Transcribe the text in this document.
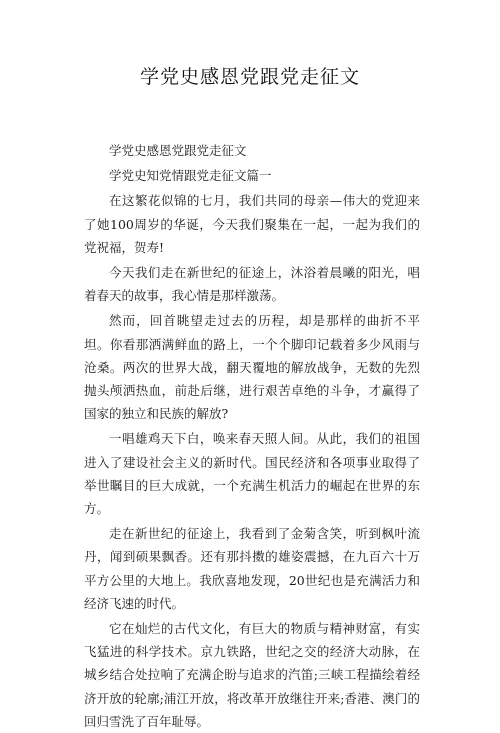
学党史感恩党跟党走征文

学党史感恩党跟党走征文

学党史知党情跟党走征文篇一

在这繁花似锦的七月，我们共同的母亲—伟大的党迎来了她100周岁的华诞，今天我们聚集在一起，一起为我们的党祝福，贺寿!

今天我们走在新世纪的征途上，沐浴着晨曦的阳光，唱着春天的故事，我心情是那样激荡。

然而，回首眺望走过去的历程，却是那样的曲折不平坦。你看那洒满鲜血的路上，一个个脚印记载着多少风雨与沧桑。两次的世界大战，翻天覆地的解放战争，无数的先烈抛头颅洒热血，前赴后继，进行艰苦卓绝的斗争，才赢得了国家的独立和民族的解放?

一唱雄鸡天下白，唤来春天照人间。从此，我们的祖国进入了建设社会主义的新时代。国民经济和各项事业取得了举世瞩目的巨大成就，一个充满生机活力的崛起在世界的东方。

走在新世纪的征途上，我看到了金菊含笑，听到枫叶流丹，闻到硕果飘香。还有那抖擞的雄姿震撼，在九百六十万平方公里的大地上。我欣喜地发现，20世纪也是充满活力和经济飞速的时代。

它在灿烂的古代文化，有巨大的物质与精神财富，有实飞猛进的科学技术。京九铁路，世纪之交的经济大动脉，在城乡结合处拉响了充满企盼与追求的汽笛;三峡工程描绘着经济开放的轮廓;浦江开放，将改革开放继往开来;香港、澳门的回归雪洗了百年耻辱。
